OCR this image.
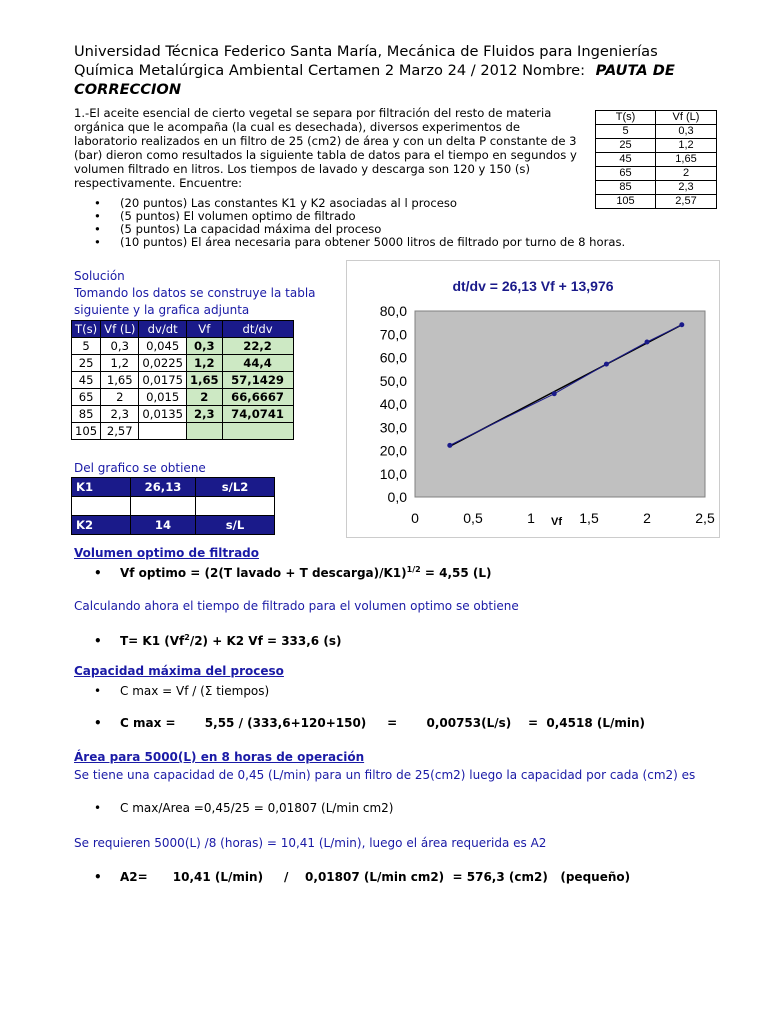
Universidad Técnica Federico Santa María, Mecánica de Fluidos para Ingenierías
Química Metalúrgica Ambiental Certamen 2 Marzo 24 / 2012 Nombre: PAUTA DE
CORRECCION
1.-El aceite esencial de cierto vegetal se separa por filtración del resto de materia orgánica que le acompaña (la cual es desechada), diversos experimentos de laboratorio realizados en un filtro de 25 (cm2) de área y con un delta P constante de 3 (bar) dieron como resultados la siguiente tabla de datos para el tiempo en segundos y volumen filtrado en litros. Los tiempos de lavado y descarga son 120 y 150 (s) respectivamente. Encuentre:
• (20 puntos) Las constantes K1 y K2 asociadas al l proceso
• (5 puntos) El volumen optimo de filtrado
• (5 puntos) La capacidad máxima del proceso
• (10 puntos) El área necesaria para obtener 5000 litros de filtrado por turno de 8 horas.
T(s)	Vf (L)
5	0,3
25	1,2
45	1,65
65	2
85	2,3
105	2,57
Solución
Tomando los datos se construye la tabla
siguiente y la grafica adjunta
T(s)	Vf (L)	dv/dt	Vf	dt/dv
5	0,3	0,045	0,3	22,2
25	1,2	0,0225	1,2	44,4
45	1,65	0,0175	1,65	57,1429
65	2	0,015	2	66,6667
85	2,3	0,0135	2,3	74,0741
105	2,57			
Del grafico se obtiene
K1	26,13	s/L2

K2	14	s/L
dt/dv = 26,13 Vf + 13,976
0,0
10,0
20,0
30,0
40,0
50,0
60,0
70,0
80,0
0	0,5	1	1,5	2	2,5
Vf
Volumen optimo de filtrado
• Vf optimo = (2(T lavado + T descarga)/K1)$^{1/2}$ = 4,55 (L)
Calculando ahora el tiempo de filtrado para el volumen optimo se obtiene
• T= K1 $(Vf^2/2) + K2$ Vf = 333,6 (s)
Capacidad máxima del proceso
• C max = Vf / (Σ tiempos)
• C max =       5,55 / (333,6+120+150)     =       0,00753(L/s)    =  0,4518 (L/min)
Área para 5000(L) en 8 horas de operación
Se tiene una capacidad de 0,45 (L/min) para un filtro de 25(cm2) luego la capacidad por cada (cm2) es
• C max/Area =0,45/25 = 0,01807 (L/min cm2)
Se requieren 5000(L) /8 (horas) = 10,41 (L/min), luego el área requerida es A2
• A2=      10,41 (L/min)     /    0,01807 (L/min cm2)  = 576,3 (cm2)   (pequeño)
